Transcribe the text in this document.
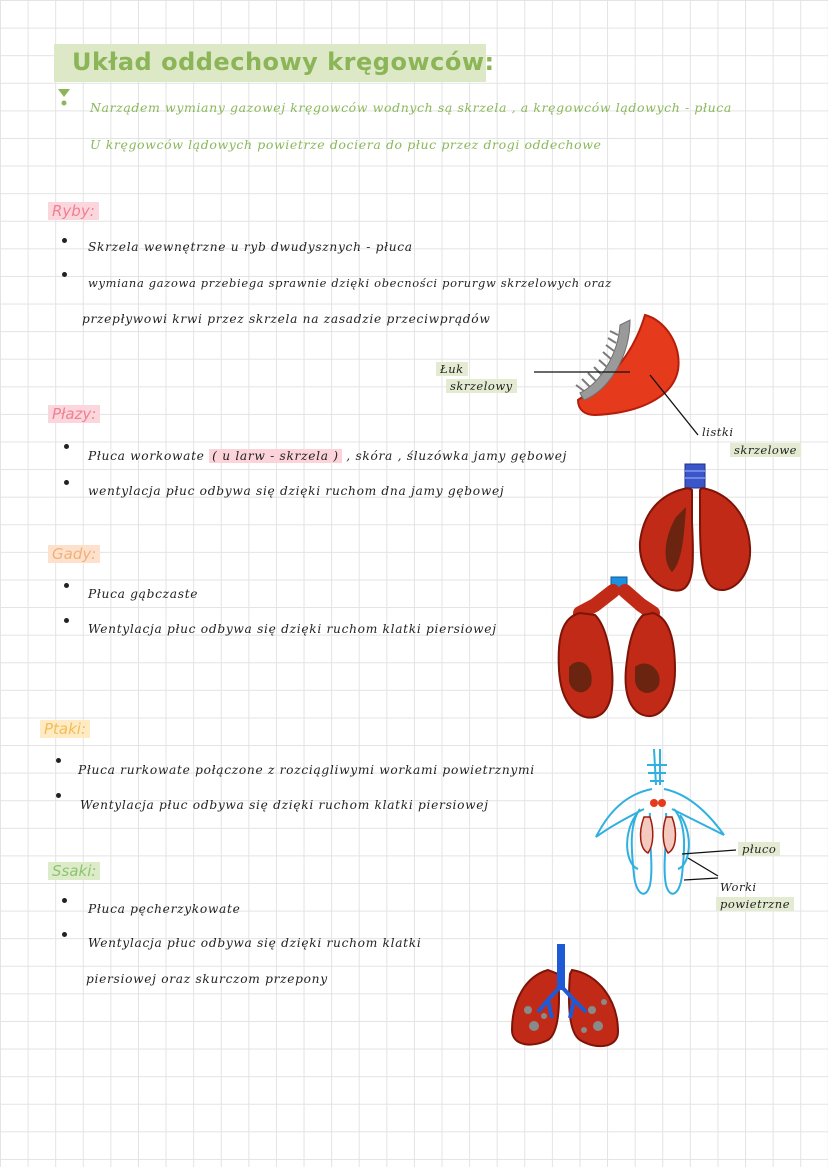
Układ oddechowy kręgowców:
Narządem wymiany gazowej kręgowców wodnych są skrzela , a kręgowców lądowych - płuca
U kręgowców lądowych powietrze dociera do płuc przez drogi oddechowe
Ryby:
Skrzela wewnętrzne u ryb dwudysznych - płuca
wymiana gazowa przebiega sprawnie dzięki obecności porurgw skrzelowych oraz
przepływowi krwi przez skrzela na zasadzie przeciwprądów
Łuk
skrzelowy
listki
skrzelowe
Płazy:
Płuca workowate ( u larw - skrzela ) , skóra , śluzówka jamy gębowej
wentylacja płuc odbywa się dzięki ruchom dna jamy gębowej
Gady:
Płuca gąbczaste
Wentylacja płuc odbywa się dzięki ruchom klatki piersiowej
Ptaki:
Płuca rurkowate połączone z rozciągliwymi workami powietrznymi
Wentylacja płuc odbywa się dzięki ruchom klatki piersiowej
płuco
Worki
powietrzne
Ssaki:
Płuca pęcherzykowate
Wentylacja płuc odbywa się dzięki ruchom klatki
piersiowej oraz skurczom przepony
